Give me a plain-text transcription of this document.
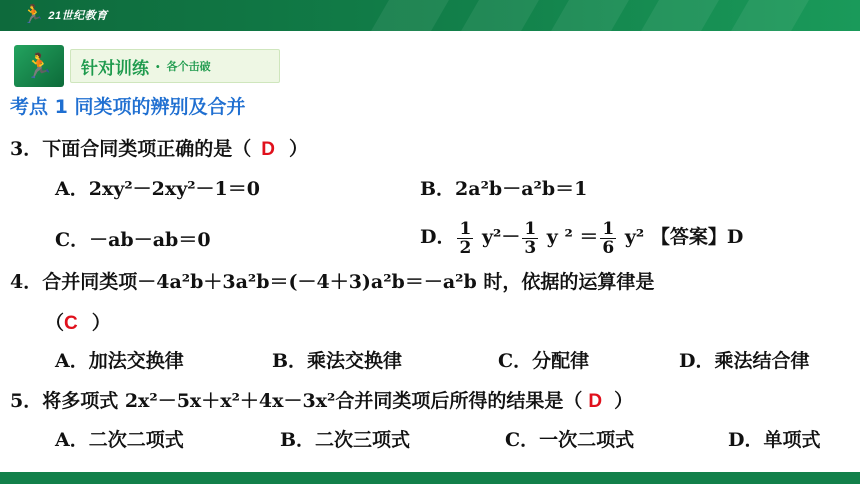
🏃 21世纪教育
🏃	针对训练 · 各个击破
考点 1 同类项的辨别及合并
3．下面合同类项正确的是（ D ）
A．2xy²－2xy²－1＝0	B．2a²b－a²b＝1
C．－ab－ab＝0	D． $\frac{1}{2} y^2- \frac{1}{3}$ y $^2 = \frac{1}{6} y^2$ 【答案】D
4．合并同类项－4a²b＋3a²b＝(－4＋3)a²b＝－a²b 时，依据的运算律是
（C ）
A．加法交换律	B．乘法交换律	C．分配律	D．乘法结合律
5．将多项式 2x²－5x＋x²＋4x－3x²合并同类项后所得的结果是（ D ）
A．二次二项式	B．二次三项式	C．一次二项式	D．单项式
